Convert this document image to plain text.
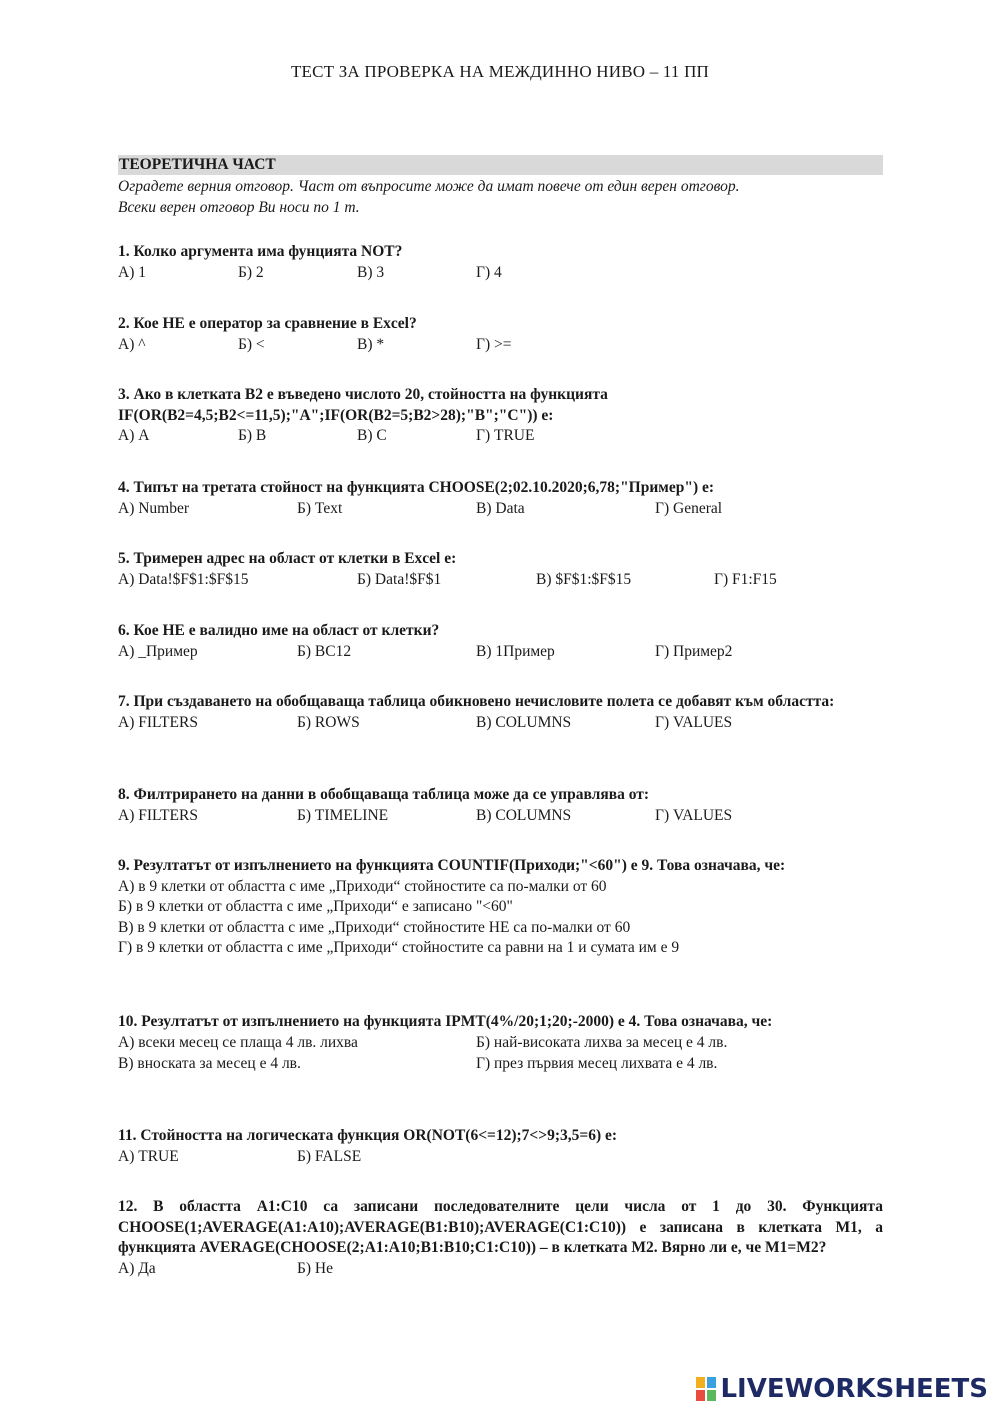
ТЕСТ ЗА ПРОВЕРКА НА МЕЖДИННО НИВО – 11 ПП
ТЕОРЕТИЧНА ЧАСТ
Оградете верния отговор. Част от въпросите може да имат повече от един верен отговор.
Всеки верен отговор Ви носи по 1 т.
1. Колко аргумента има фунцията NOT?
А) 1	Б) 2	В) 3	Г) 4
2. Кое НЕ е оператор за сравнение в Excel?
А) ^	Б) <	В) *	Г) >=
3. Ако в клетката B2 е въведено числото 20, стойността на функцията
IF(OR(B2=4,5;B2<=11,5);"A";IF(OR(B2=5;B2>28);"B";"C")) е:
А) А	Б) В	В) С	Г) TRUE
4. Типът на третата стойност на функцията CHOOSE(2;02.10.2020;6,78;"Пример") е:
А) Number	Б) Text	В) Data	Г) General
5. Тримерен адрес на област от клетки в Excel е:
А) Data!$F$1:$F$15	Б) Data!$F$1	В) $F$1:$F$15	Г) F1:F15
6. Кое НЕ е валидно име на област от клетки?
А) _Пример	Б) ВС12	В) 1Пример	Г) Пример2
7. При създаването на обобщаваща таблица обикновено нечисловите полета се добавят към областта:
А) FILTERS	Б) ROWS	В) COLUMNS	Г) VALUES
8. Филтрирането на данни в обобщаваща таблица може да се управлява от:
А) FILTERS	Б) TIMELINE	В) COLUMNS	Г) VALUES
9. Резултатът от изпълнението на функцията COUNTIF(Приходи;"<60") е 9. Това означава, че:
А) в 9 клетки от областта с име „Приходи“ стойностите са по-малки от 60
Б) в 9 клетки от областта с име „Приходи“ е записано "<60"
В) в 9 клетки от областта с име „Приходи“ стойностите НЕ са по-малки от 60
Г) в 9 клетки от областта с име „Приходи“ стойностите са равни на 1 и сумата им е 9
10. Резултатът от изпълнението на функцията IPMT(4%/20;1;20;-2000) е 4. Това означава, че:
А) всеки месец се плаща 4 лв. лихва	Б) най-високата лихва за месец е 4 лв.
В) вноската за месец е 4 лв.	Г) през първия месец лихвата е 4 лв.
11. Стойността на логическата функция OR(NOT(6<=12);7<>9;3,5=6) е:
А) TRUE	Б) FALSE
12. В областта A1:C10 са записани последователните цели числа от 1 до 30. Функцията CHOOSE(1;AVERAGE(A1:A10);AVERAGE(B1:B10);AVERAGE(C1:C10)) е записана в клетката M1, а функцията AVERAGE(CHOOSE(2;A1:A10;B1:B10;C1:C10)) – в клетката M2. Вярно ли е, че M1=M2?
А) Да	Б) Не
LIVEWORKSHEETS
